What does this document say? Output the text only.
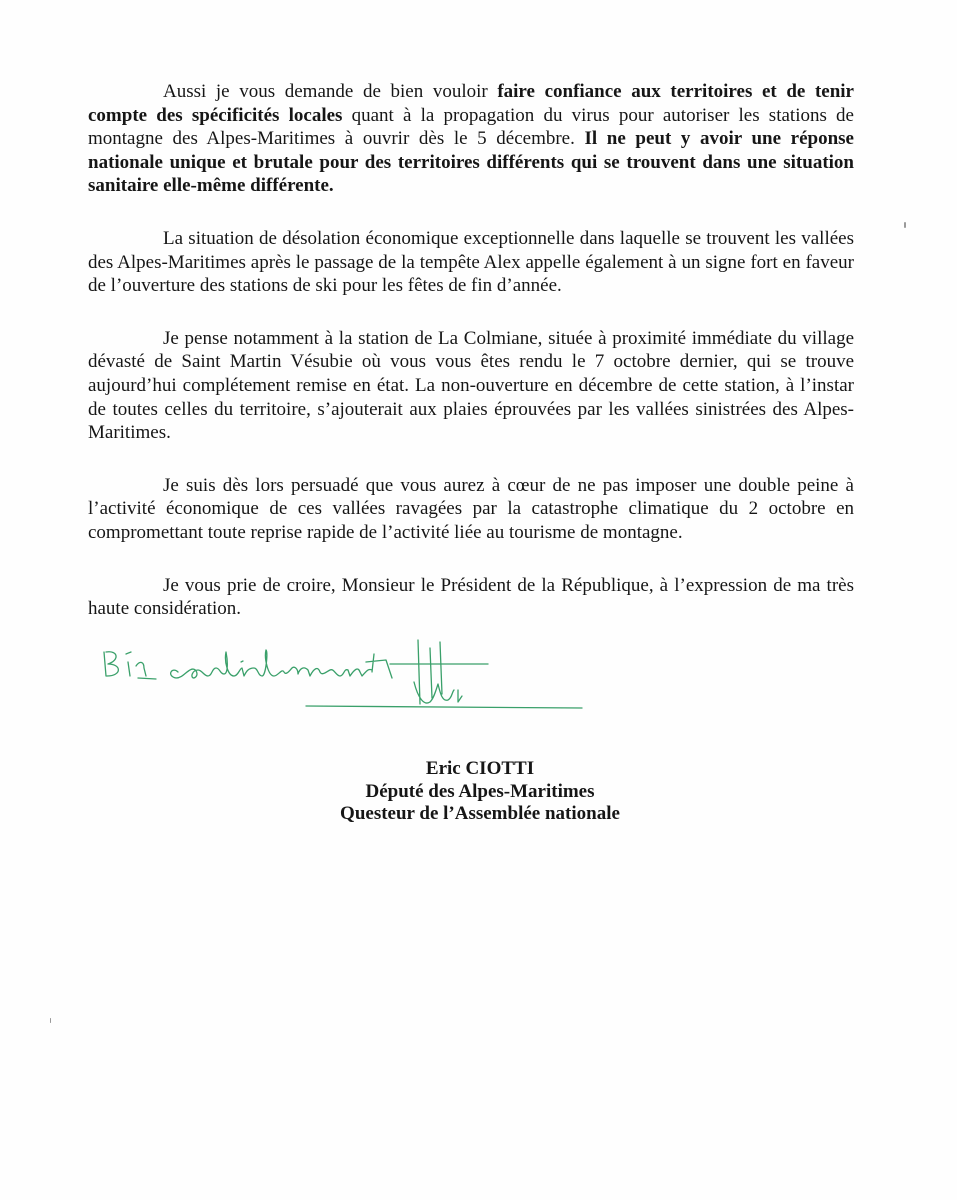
Aussi je vous demande de bien vouloir faire confiance aux territoires et de tenir compte des spécificités locales quant à la propagation du virus pour autoriser les stations de montagne des Alpes-Maritimes à ouvrir dès le 5 décembre. Il ne peut y avoir une réponse nationale unique et brutale pour des territoires différents qui se trouvent dans une situation sanitaire elle-même différente.

La situation de désolation économique exceptionnelle dans laquelle se trouvent les vallées des Alpes-Maritimes après le passage de la tempête Alex appelle également à un signe fort en faveur de l’ouverture des stations de ski pour les fêtes de fin d’année.

Je pense notamment à la station de La Colmiane, située à proximité immédiate du village dévasté de Saint Martin Vésubie où vous vous êtes rendu le 7 octobre dernier, qui se trouve aujourd’hui complétement remise en état. La non-ouverture en décembre de cette station, à l’instar de toutes celles du territoire, s’ajouterait aux plaies éprouvées par les vallées sinistrées des Alpes-Maritimes.

Je suis dès lors persuadé que vous aurez à cœur de ne pas imposer une double peine à l’activité économique de ces vallées ravagées par la catastrophe climatique du 2 octobre en compromettant toute reprise rapide de l’activité liée au tourisme de montagne.

Je vous prie de croire, Monsieur le Président de la République, à l’expression de ma très haute considération.

Eric CIOTTI
Député des Alpes-Maritimes
Questeur de l’Assemblée nationale
